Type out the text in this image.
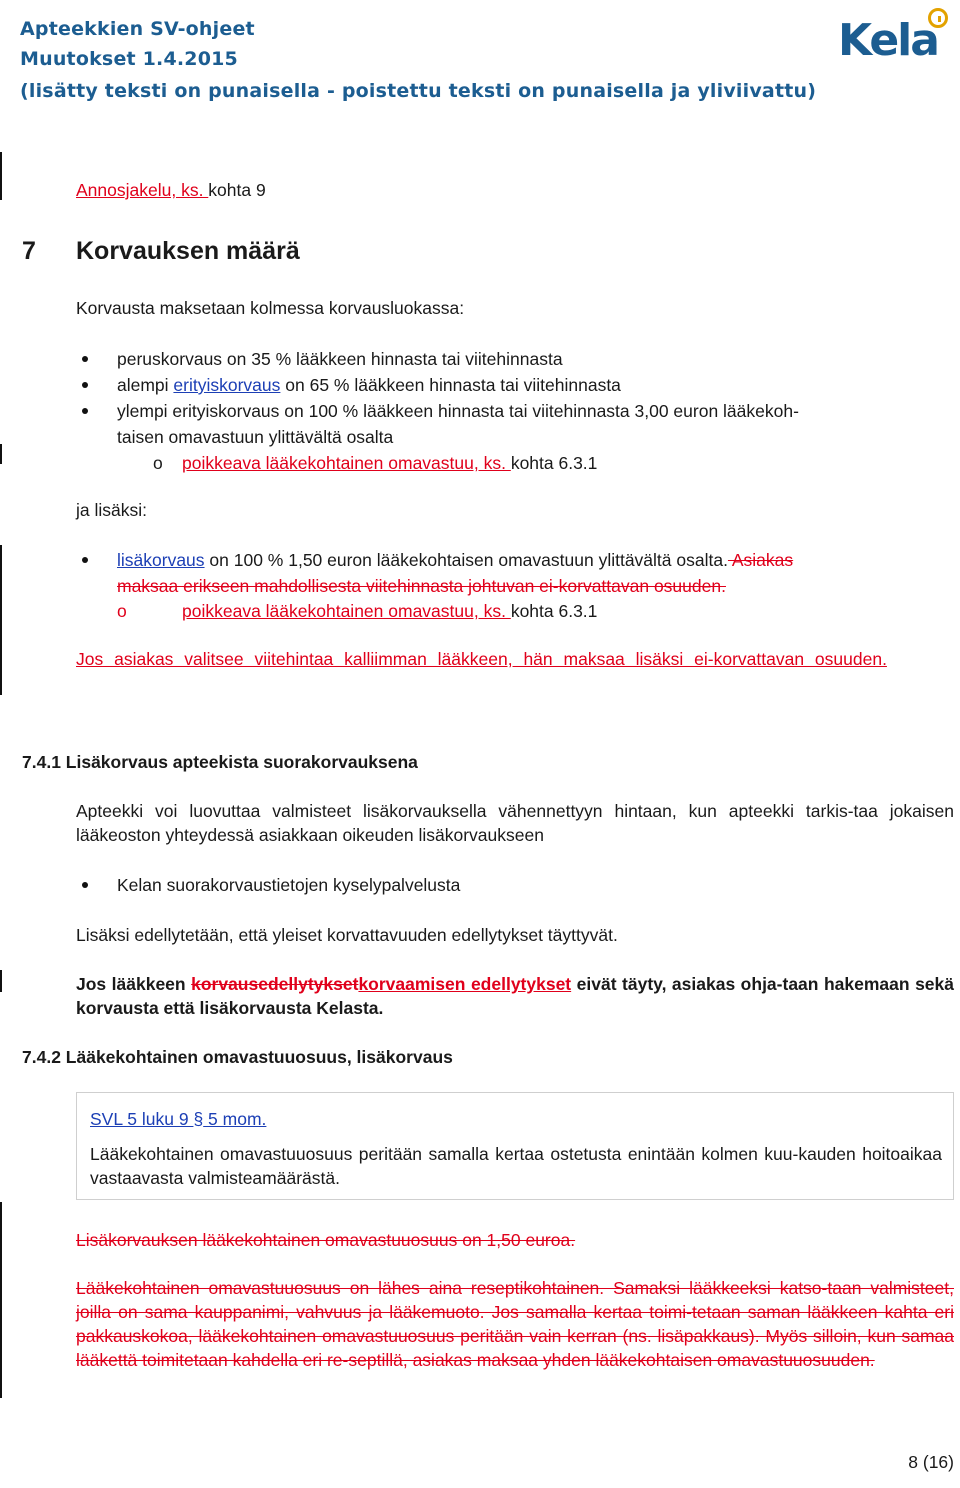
Apteekkien SV-ohjeet
Muutokset 1.4.2015
(lisätty teksti on punaisella - poistettu teksti on punaisella ja yliviivattu)
Kela
Annosjakelu, ks. kohta 9
7 Korvauksen määrä
Korvausta maksetaan kolmessa korvausluokassa:
peruskorvaus on 35 % lääkkeen hinnasta tai viitehinnasta
alempi erityiskorvaus on 65 % lääkkeen hinnasta tai viitehinnasta
ylempi erityiskorvaus on 100 % lääkkeen hinnasta tai viitehinnasta 3,00 euron lääkekoh-
taisen omavastuun ylittävältä osalta
o poikkeava lääkekohtainen omavastuu, ks. kohta 6.3.1
ja lisäksi:
lisäkorvaus on 100 % 1,50 euron lääkekohtaisen omavastuun ylittävältä osalta. Asiakas
maksaa erikseen mahdollisesta viitehinnasta johtuvan ei-korvattavan osuuden.
o	poikkeava lääkekohtainen omavastuu, ks. kohta 6.3.1
Jos asiakas valitsee viitehintaa kalliimman lääkkeen, hän maksaa lisäksi ei-korvattavan osuuden.
7.4.1 Lisäkorvaus apteekista suorakorvauksena
Apteekki voi luovuttaa valmisteet lisäkorvauksella vähennettyyn hintaan, kun apteekki tarkis-taa jokaisen lääkeoston yhteydessä asiakkaan oikeuden lisäkorvaukseen
Kelan suorakorvaustietojen kyselypalvelusta
Lisäksi edellytetään, että yleiset korvattavuuden edellytykset täyttyvät.
Jos lääkkeen korvausedellytyksetkorvaamisen edellytykset eivät täyty, asiakas ohja-taan hakemaan sekä korvausta että lisäkorvausta Kelasta.
7.4.2 Lääkekohtainen omavastuuosuus, lisäkorvaus
SVL 5 luku 9 § 5 mom.
Lääkekohtainen omavastuuosuus peritään samalla kertaa ostetusta enintään kolmen kuu-kauden hoitoaikaa vastaavasta valmisteamäärästä.
Lisäkorvauksen lääkekohtainen omavastuuosuus on 1,50 euroa.
Lääkekohtainen omavastuuosuus on lähes aina reseptikohtainen. Samaksi lääkkeeksi katso-taan valmisteet, joilla on sama kauppanimi, vahvuus ja lääkemuoto. Jos samalla kertaa toimi-tetaan saman lääkkeen kahta eri pakkauskokoa, lääkekohtainen omavastuuosuus peritään vain kerran (ns. lisäpakkaus). Myös silloin, kun samaa lääkettä toimitetaan kahdella eri re-septillä, asiakas maksaa yhden lääkekohtaisen omavastuuosuuden.
8 (16)
